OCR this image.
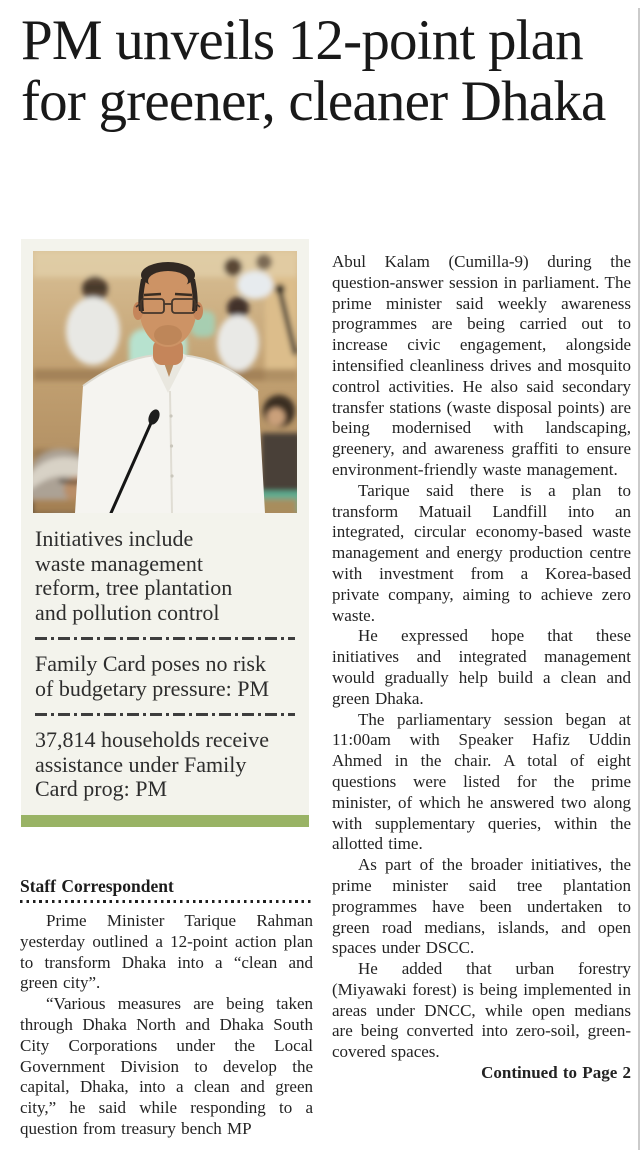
PM unveils 12-point plan for greener, cleaner Dhaka
Initiatives include
waste management
reform, tree plantation
and pollution control
Family Card poses no risk
of budgetary pressure: PM
37,814 households receive
assistance under Family
Card prog: PM
Staff Correspondent

Prime Minister Tarique Rahman yesterday outlined a 12-point action plan to transform Dhaka into a “clean and green city”.

“Various measures are being taken through Dhaka North and Dhaka South City Corporations under the Local Government Division to develop the capital, Dhaka, into a clean and green city,” he said while responding to a question from treasury bench MP

Abul Kalam (Cumilla-9) during the question-answer session in parliament. The prime minister said weekly awareness programmes are being carried out to increase civic engagement, alongside intensified cleanliness drives and mosquito control activities. He also said secondary transfer stations (waste disposal points) are being modernised with landscaping, greenery, and awareness graffiti to ensure environment-friendly waste management.

Tarique said there is a plan to transform Matuail Landfill into an integrated, circular economy-based waste management and energy production centre with investment from a Korea-based private company, aiming to achieve zero waste.

He expressed hope that these initiatives and integrated management would gradually help build a clean and green Dhaka.

The parliamentary session began at 11:00am with Speaker Hafiz Uddin Ahmed in the chair. A total of eight questions were listed for the prime minister, of which he answered two along with supplementary queries, within the allotted time.

As part of the broader initiatives, the prime minister said tree plantation programmes have been undertaken to green road medians, islands, and open spaces under DSCC.

He added that urban forestry (Miyawaki forest) is being implemented in areas under DNCC, while open medians are being converted into zero-soil, green-covered spaces.

Continued to Page 2
